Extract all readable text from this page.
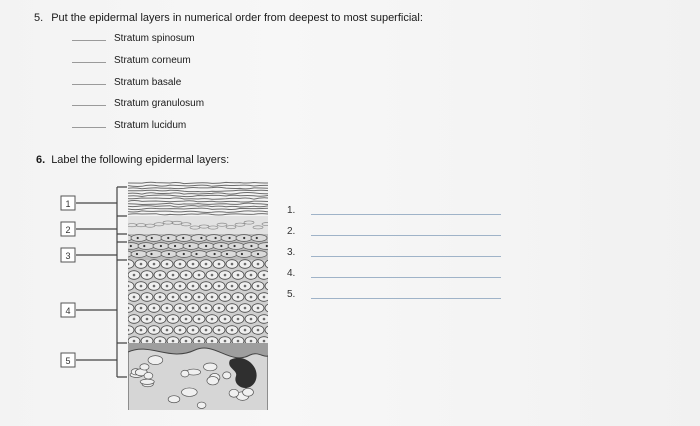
5. Put the epidermal layers in numerical order from deepest to most superficial:
Stratum spinosum
Stratum corneum
Stratum basale
Stratum granulosum
Stratum lucidum
6. Label the following epidermal layers:
1
2
3
4
5
1.
2.
3.
4.
5.
